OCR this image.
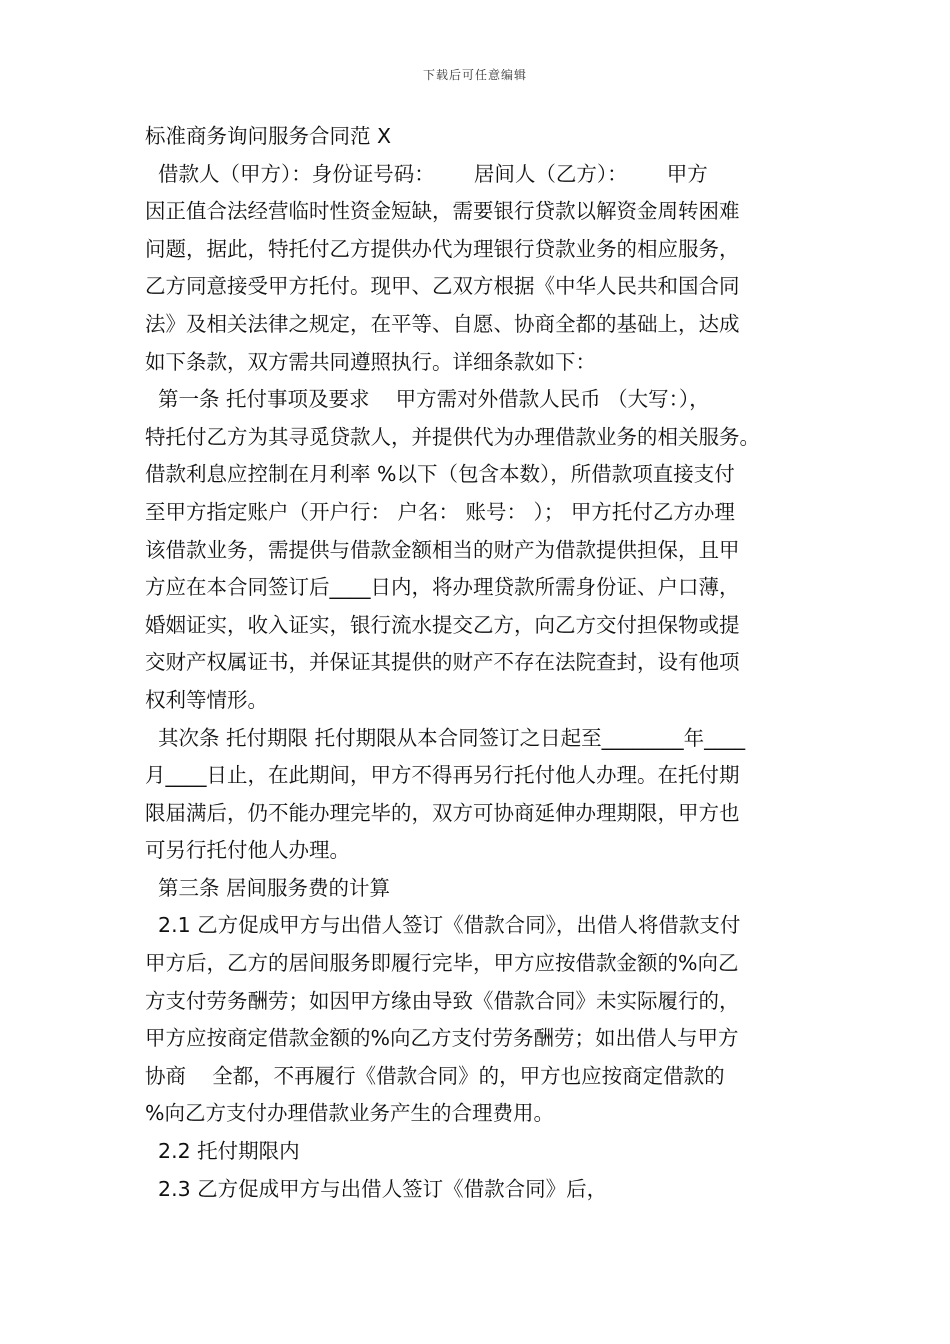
下载后可任意编辑
标准商务询问服务合同范 X
借款人（甲方）：身份证号码：      居间人（乙方）：      甲方
因正值合法经营临时性资金短缺，需要银行贷款以解资金周转困难
问题，据此，特托付乙方提供办代为理银行贷款业务的相应服务，
乙方同意接受甲方托付。现甲、乙双方根据《中华人民共和国合同
法》及相关法律之规定，在平等、自愿、协商全都的基础上，达成
如下条款，双方需共同遵照执行。详细条款如下：
第一条 托付事项及要求    甲方需对外借款人民币 （大写：），
特托付乙方为其寻觅贷款人，并提供代为办理借款业务的相关服务。
借款利息应控制在月利率 %以下（包含本数），所借款项直接支付
至甲方指定账户（开户行： 户名： 账号： ）； 甲方托付乙方办理
该借款业务，需提供与借款金额相当的财产为借款提供担保，且甲
方应在本合同签订后____日内，将办理贷款所需身份证、户口薄，
婚姻证实，收入证实，银行流水提交乙方，向乙方交付担保物或提
交财产权属证书，并保证其提供的财产不存在法院查封，设有他项
权利等情形。
其次条 托付期限 托付期限从本合同签订之日起至________年____
月____日止，在此期间，甲方不得再另行托付他人办理。在托付期
限届满后，仍不能办理完毕的，双方可协商延伸办理期限，甲方也
可另行托付他人办理。
第三条 居间服务费的计算
2.1 乙方促成甲方与出借人签订《借款合同》，出借人将借款支付
甲方后，乙方的居间服务即履行完毕，甲方应按借款金额的%向乙
方支付劳务酬劳；如因甲方缘由导致《借款合同》未实际履行的，
甲方应按商定借款金额的%向乙方支付劳务酬劳；如出借人与甲方
协商    全都，不再履行《借款合同》的，甲方也应按商定借款的
%向乙方支付办理借款业务产生的合理费用。
2.2 托付期限内
2.3 乙方促成甲方与出借人签订《借款合同》后，
